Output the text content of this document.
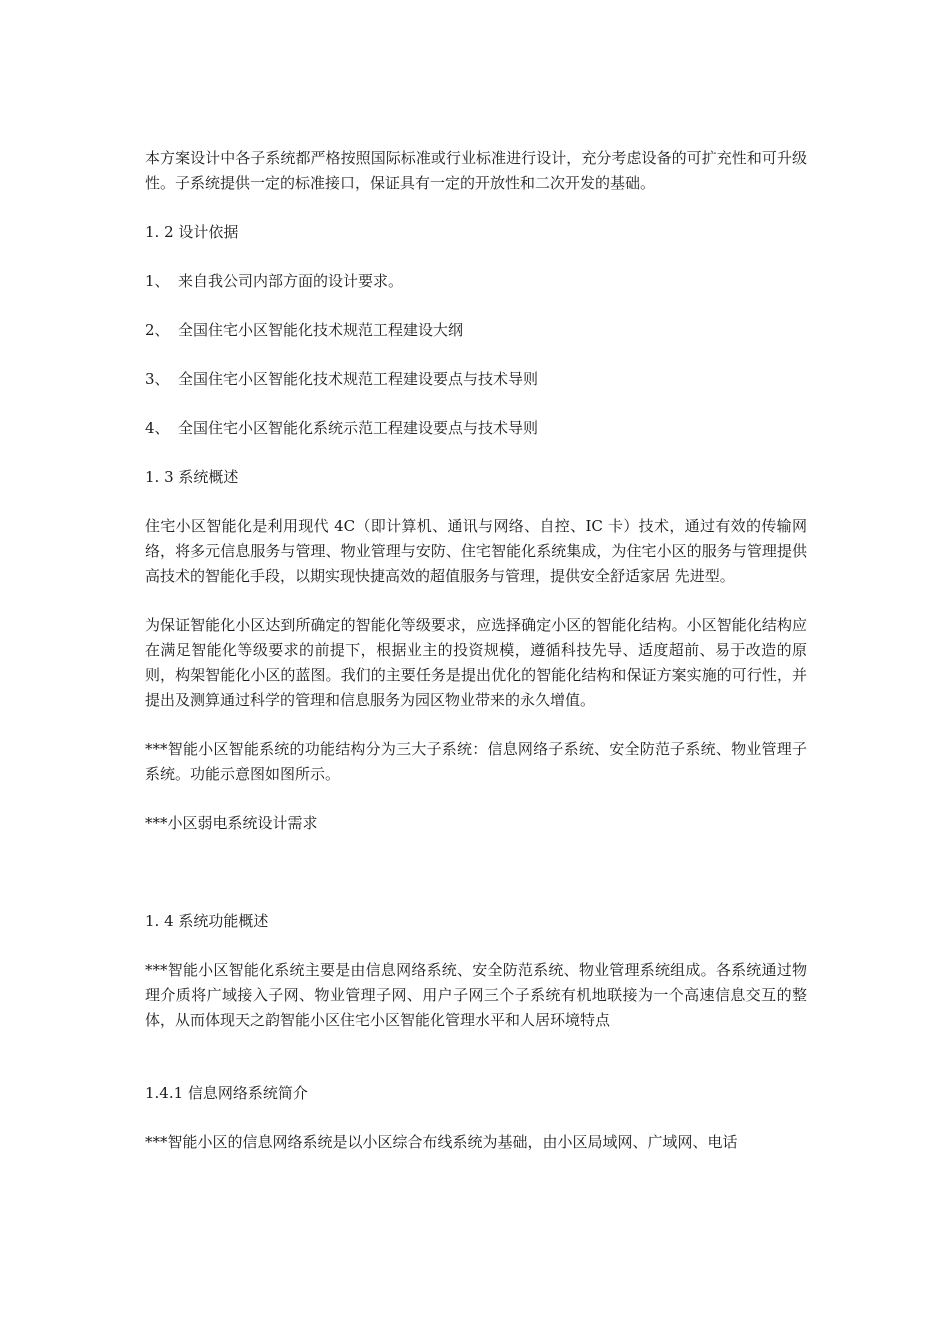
本方案设计中各子系统都严格按照国际标准或行业标准进行设计，充分考虑设备的可扩充性和可升级性。子系统提供一定的标准接口，保证具有一定的开放性和二次开发的基础。

1. 2 设计依据
1、 来自我公司内部方面的设计要求。
2、 全国住宅小区智能化技术规范工程建设大纲
3、 全国住宅小区智能化技术规范工程建设要点与技术导则
4、 全国住宅小区智能化系统示范工程建设要点与技术导则
1. 3 系统概述

住宅小区智能化是利用现代 4C（即计算机、通讯与网络、自控、IC 卡）技术，通过有效的传输网络，将多元信息服务与管理、物业管理与安防、住宅智能化系统集成，为住宅小区的服务与管理提供高技术的智能化手段，以期实现快捷高效的超值服务与管理，提供安全舒适家居 先进型。

为保证智能化小区达到所确定的智能化等级要求，应选择确定小区的智能化结构。小区智能化结构应在满足智能化等级要求的前提下，根据业主的投资规模，遵循科技先导、适度超前、易于改造的原则，构架智能化小区的蓝图。我们的主要任务是提出优化的智能化结构和保证方案实施的可行性，并提出及测算通过科学的管理和信息服务为园区物业带来的永久增值。

***智能小区智能系统的功能结构分为三大子系统：信息网络子系统、安全防范子系统、物业管理子系统。功能示意图如图所示。

***小区弱电系统设计需求

1. 4 系统功能概述

***智能小区智能化系统主要是由信息网络系统、安全防范系统、物业管理系统组成。各系统通过物理介质将广域接入子网、物业管理子网、用户子网三个子系统有机地联接为一个高速信息交互的整体，从而体现天之韵智能小区住宅小区智能化管理水平和人居环境特点

1.4.1 信息网络系统简介

***智能小区的信息网络系统是以小区综合布线系统为基础，由小区局域网、广域网、电话
